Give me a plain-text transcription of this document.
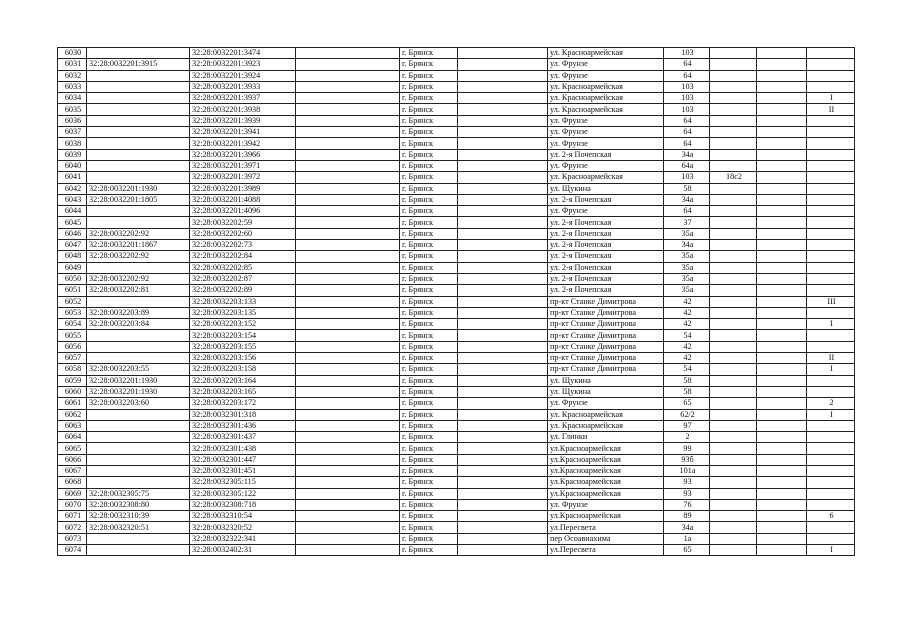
6030		32:28:0032201:3474		г. Брянск		ул. Красноармейская	103			
6031	32:28:0032201:3915	32:28:0032201:3923		г. Брянск		ул. Фрунзе	64			
6032		32:28:0032201:3924		г. Брянск		ул. Фрунзе	64			
6033		32:28:0032201:3933		г. Брянск		ул. Красноармейская	103			
6034		32:28:0032201:3937		г. Брянск		ул. Красноармейская	103			I
6035		32:28:0032201:3938		г. Брянск		ул. Красноармейская	103			II
6036		32:28:0032201:3939		г. Брянск		ул. Фрунзе	64			
6037		32:28:0032201:3941		г. Брянск		ул. Фрунзе	64			
6038		32:28:0032201:3942		г. Брянск		ул. Фрунзе	64			
6039		32:28:0032201:3966		г. Брянск		ул. 2-я Почепская	34а			
6040		32:28:0032201:3971		г. Брянск		ул. Фрунзе	64а			
6041		32:28:0032201:3972		г. Брянск		ул. Красноармейская	103	18с2		
6042	32:28:0032201:1930	32:28:0032201:3989		г. Брянск		ул. Щукина	58			
6043	32:28:0032201:1805	32:28:0032201:4088		г. Брянск		ул. 2-я Почепская	34а			
6044		32:28:0032201:4096		г. Брянск		ул. Фрунзе	64			
6045		32:28:0032202:59		г. Брянск		ул. 2-я Почепская	37			
6046	32:28:0032202:92	32:28:0032202:60		г. Брянск		ул. 2-я Почепская	35а			
6047	32:28:0032201:1867	32:28:0032202:73		г. Брянск		ул. 2-я Почепская	34а			
6048	32:28:0032202:92	32:28:0032202:84		г. Брянск		ул. 2-я Почепская	35а			
6049		32:28:0032202:85		г. Брянск		ул. 2-я Почепская	35а			
6050	32:28:0032202:92	32:28:0032202:87		г. Брянск		ул. 2-я Почепская	35а			
6051	32:28:0032202:81	32:28:0032202:89		г. Брянск		ул. 2-я Почепская	35а			
6052		32:28:0032203:133		г. Брянск		пр-кт Станке Димитрова	42			III
6053	32:28:0032203:89	32:28:0032203:135		г. Брянск		пр-кт Станке Димитрова	42			
6054	32:28:0032203:84	32:28:0032203:152		г. Брянск		пр-кт Станке Димитрова	42			I
6055		32:28:0032203:154		г. Брянск		пр-кт Станке Димитрова	54			
6056		32:28:0032203:155		г. Брянск		пр-кт Станке Димитрова	42			
6057		32:28:0032203:156		г. Брянск		пр-кт Станке Димитрова	42			II
6058	32:28:0032203:55	32:28:0032203:158		г. Брянск		пр-кт Станке Димитрова	54			I
6059	32:28:0032201:1930	32:28:0032203:164		г. Брянск		ул. Щукина	58			
6060	32:28:0032201:1930	32:28:0032203:165		г. Брянск		ул. Щукина	58			
6061	32:28:0032203:60	32:28:0032203:172		г. Брянск		ул. Фрунзе	65			2
6062		32:28:0032301:318		г. Брянск		ул. Красноармейская	62/2			I
6063		32:28:0032301:436		г. Брянск		ул. Красноармейская	97			
6064		32:28:0032301:437		г. Брянск		ул. Глинки	2			
6065		32:28:0032301:438		г. Брянск		ул.Красноармейская	99			
6066		32:28:0032301:447		г. Брянск		ул.Красноармейская	93б			
6067		32:28:0032301:451		г. Брянск		ул.Красноармейская	101а			
6068		32:28:0032305:115		г. Брянск		ул.Красноармейская	93			
6069	32:28:0032305:75	32:28:0032305:122		г. Брянск		ул.Красноармейская	93			
6070	32:28:0032308:80	32:28:0032308:718		г. Брянск		ул. Фрунзе	76			
6071	32:28:0032310:39	32:28:0032310:54		г. Брянск		ул.Красноармейская	89			6
6072	32:28:0032320:51	32:28:0032320:52		г. Брянск		ул.Пересвета	34а			
6073		32:28:0032322:341		г. Брянск		пер Осоавиахима	1а			
6074		32:28:0032402:31		г. Брянск		ул.Пересвета	65			I
